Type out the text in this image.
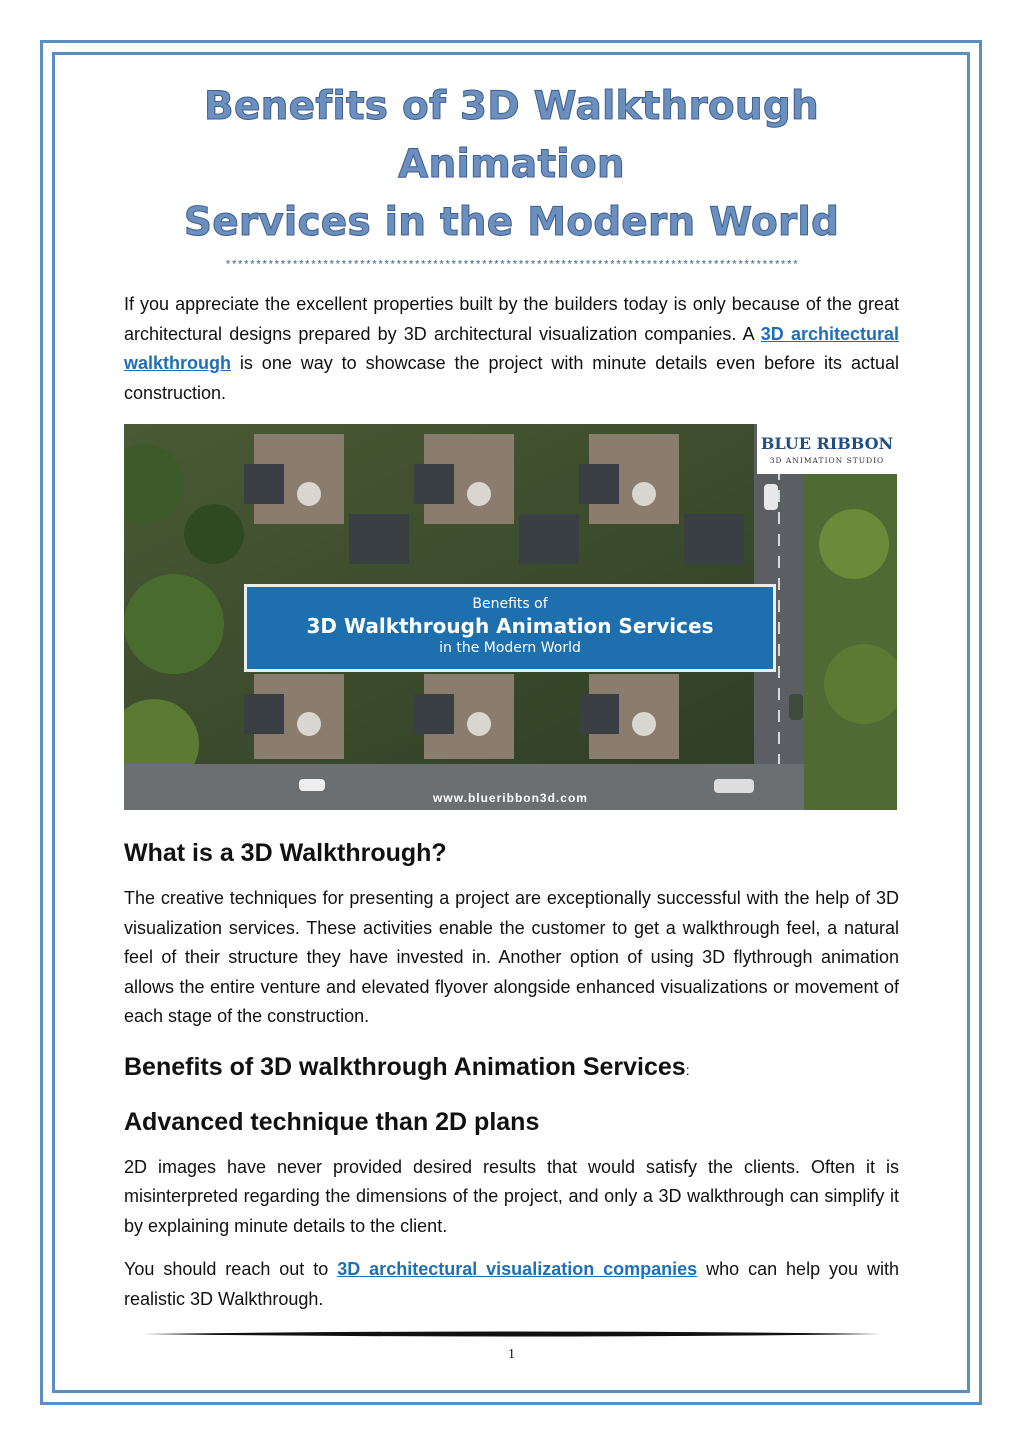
Benefits of 3D Walkthrough Animation
Services in the Modern World
**********************************************************************************************

If you appreciate the excellent properties built by the builders today is only because of the great architectural designs prepared by 3D architectural visualization companies. A 3D architectural walkthrough is one way to showcase the project with minute details even before its actual construction.

BLUE RIBBON
3D ANIMATION STUDIO
Benefits of
3D Walkthrough Animation Services
in the Modern World
www.blueribbon3d.com
What is a 3D Walkthrough?

The creative techniques for presenting a project are exceptionally successful with the help of 3D visualization services. These activities enable the customer to get a walkthrough feel, a natural feel of their structure they have invested in. Another option of using 3D flythrough animation allows the entire venture and elevated flyover alongside enhanced visualizations or movement of each stage of the construction.

Benefits of 3D walkthrough Animation Services:
Advanced technique than 2D plans

2D images have never provided desired results that would satisfy the clients. Often it is misinterpreted regarding the dimensions of the project, and only a 3D walkthrough can simplify it by explaining minute details to the client.

You should reach out to 3D architectural visualization companies who can help you with realistic 3D Walkthrough.

1
